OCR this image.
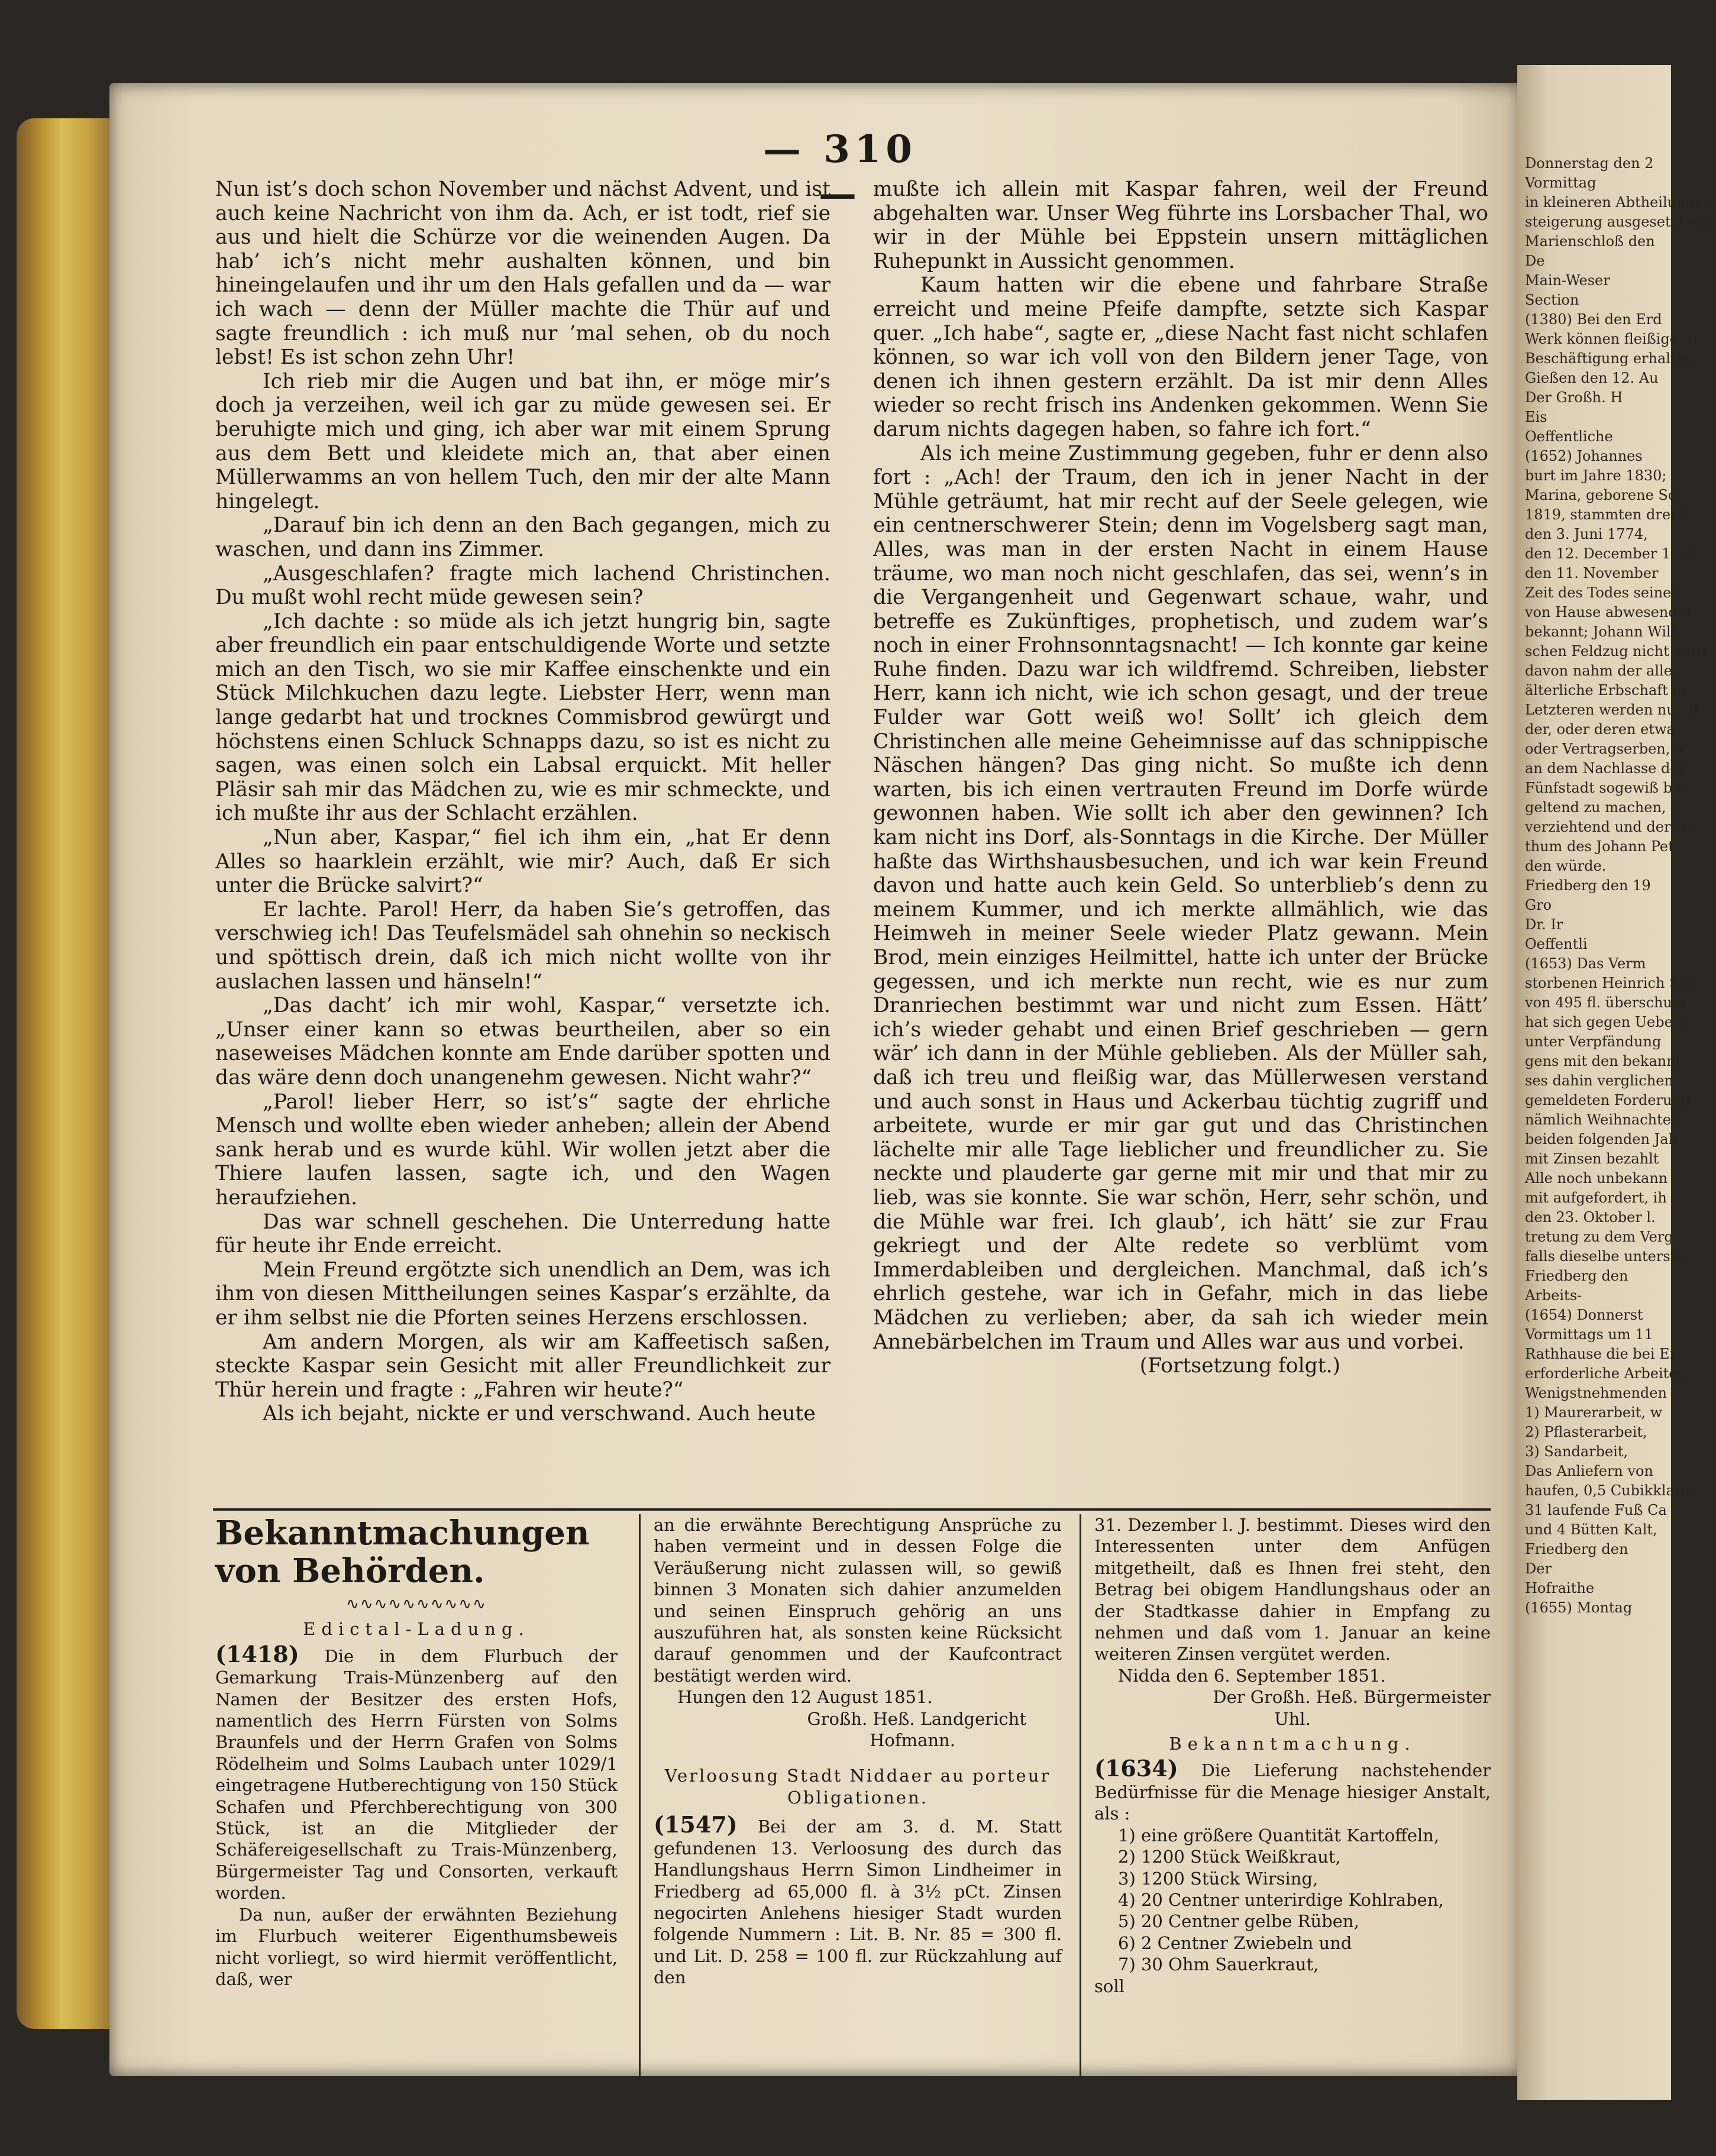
— 310 —

Nun ist’s doch schon November und nächst Advent, und ist auch keine Nachricht von ihm da. Ach, er ist todt, rief sie aus und hielt die Schürze vor die weinenden Augen. Da hab’ ich’s nicht mehr aushalten können, und bin hineingelaufen und ihr um den Hals gefallen und da — war ich wach — denn der Müller machte die Thür auf und sagte freundlich : ich muß nur ’mal sehen, ob du noch lebst! Es ist schon zehn Uhr!

Ich rieb mir die Augen und bat ihn, er möge mir’s doch ja verzeihen, weil ich gar zu müde gewesen sei. Er beruhigte mich und ging, ich aber war mit einem Sprung aus dem Bett und kleidete mich an, that aber einen Müllerwamms an von hellem Tuch, den mir der alte Mann hingelegt.

„Darauf bin ich denn an den Bach gegangen, mich zu waschen, und dann ins Zimmer.

„Ausgeschlafen? fragte mich lachend Christinchen. Du mußt wohl recht müde gewesen sein?

„Ich dachte : so müde als ich jetzt hungrig bin, sagte aber freundlich ein paar entschuldigende Worte und setzte mich an den Tisch, wo sie mir Kaffee einschenkte und ein Stück Milchkuchen dazu legte. Liebster Herr, wenn man lange gedarbt hat und trocknes Commisbrod gewürgt und höchstens einen Schluck Schnapps dazu, so ist es nicht zu sagen, was einen solch ein Labsal erquickt. Mit heller Pläsir sah mir das Mädchen zu, wie es mir schmeckte, und ich mußte ihr aus der Schlacht erzählen.

„Nun aber, Kaspar,“ fiel ich ihm ein, „hat Er denn Alles so haarklein erzählt, wie mir? Auch, daß Er sich unter die Brücke salvirt?“

Er lachte. Parol! Herr, da haben Sie’s getroffen, das verschwieg ich! Das Teufelsmädel sah ohnehin so neckisch und spöttisch drein, daß ich mich nicht wollte von ihr auslachen lassen und hänseln!“

„Das dacht’ ich mir wohl, Kaspar,“ versetzte ich. „Unser einer kann so etwas beurtheilen, aber so ein naseweises Mädchen konnte am Ende darüber spotten und das wäre denn doch unangenehm gewesen. Nicht wahr?“

„Parol! lieber Herr, so ist’s“ sagte der ehrliche Mensch und wollte eben wieder anheben; allein der Abend sank herab und es wurde kühl. Wir wollen jetzt aber die Thiere laufen lassen, sagte ich, und den Wagen heraufziehen.

Das war schnell geschehen. Die Unterredung hatte für heute ihr Ende erreicht.

Mein Freund ergötzte sich unendlich an Dem, was ich ihm von diesen Mittheilungen seines Kaspar’s erzählte, da er ihm selbst nie die Pforten seines Herzens erschlossen.

Am andern Morgen, als wir am Kaffeetisch saßen, steckte Kaspar sein Gesicht mit aller Freundlichkeit zur Thür herein und fragte : „Fahren wir heute?“

Als ich bejaht, nickte er und verschwand. Auch heute

mußte ich allein mit Kaspar fahren, weil der Freund abgehalten war. Unser Weg führte ins Lorsbacher Thal, wo wir in der Mühle bei Eppstein unsern mittäglichen Ruhepunkt in Aussicht genommen.

Kaum hatten wir die ebene und fahrbare Straße erreicht und meine Pfeife dampfte, setzte sich Kaspar quer. „Ich habe“, sagte er, „diese Nacht fast nicht schlafen können, so war ich voll von den Bildern jener Tage, von denen ich ihnen gestern erzählt. Da ist mir denn Alles wieder so recht frisch ins Andenken gekommen. Wenn Sie darum nichts dagegen haben, so fahre ich fort.“

Als ich meine Zustimmung gegeben, fuhr er denn also fort : „Ach! der Traum, den ich in jener Nacht in der Mühle geträumt, hat mir recht auf der Seele gelegen, wie ein centnerschwerer Stein; denn im Vogelsberg sagt man, Alles, was man in der ersten Nacht in einem Hause träume, wo man noch nicht geschlafen, das sei, wenn’s in die Vergangenheit und Gegenwart schaue, wahr, und betreffe es Zukünftiges, prophetisch, und zudem war’s noch in einer Frohnsonntagsnacht! — Ich konnte gar keine Ruhe finden. Dazu war ich wildfremd. Schreiben, liebster Herr, kann ich nicht, wie ich schon gesagt, und der treue Fulder war Gott weiß wo! Sollt’ ich gleich dem Christinchen alle meine Geheimnisse auf das schnippische Näschen hängen? Das ging nicht. So mußte ich denn warten, bis ich einen vertrauten Freund im Dorfe würde gewonnen haben. Wie sollt ich aber den gewinnen? Ich kam nicht ins Dorf, als-Sonntags in die Kirche. Der Müller haßte das Wirthshausbesuchen, und ich war kein Freund davon und hatte auch kein Geld. So unterblieb’s denn zu meinem Kummer, und ich merkte allmählich, wie das Heimweh in meiner Seele wieder Platz gewann. Mein Brod, mein einziges Heilmittel, hatte ich unter der Brücke gegessen, und ich merkte nun recht, wie es nur zum Dranriechen bestimmt war und nicht zum Essen. Hätt’ ich’s wieder gehabt und einen Brief geschrieben — gern wär’ ich dann in der Mühle geblieben. Als der Müller sah, daß ich treu und fleißig war, das Müllerwesen verstand und auch sonst in Haus und Ackerbau tüchtig zugriff und arbeitete, wurde er mir gar gut und das Christinchen lächelte mir alle Tage lieblicher und freundlicher zu. Sie neckte und plauderte gar gerne mit mir und that mir zu lieb, was sie konnte. Sie war schön, Herr, sehr schön, und die Mühle war frei. Ich glaub’, ich hätt’ sie zur Frau gekriegt und der Alte redete so verblümt vom Immerdableiben und dergleichen. Manchmal, daß ich’s ehrlich gestehe, war ich in Gefahr, mich in das liebe Mädchen zu verlieben; aber, da sah ich wieder mein Annebärbelchen im Traum und Alles war aus und vorbei.

(Fortsetzung folgt.)

Bekanntmachungen von Behörden.
∿∿∿∿∿∿∿∿∿∿
Edictal-Ladung.

(1418) Die in dem Flurbuch der Gemarkung Trais-Münzenberg auf den Namen der Besitzer des ersten Hofs, namentlich des Herrn Fürsten von Solms Braunfels und der Herrn Grafen von Solms Rödelheim und Solms Laubach unter 1029/1 eingetragene Hutberechtigung von 150 Stück Schafen und Pferchberechtigung von 300 Stück, ist an die Mitglieder der Schäfereigesellschaft zu Trais-Münzenberg, Bürgermeister Tag und Consorten, verkauft worden.

Da nun, außer der erwähnten Beziehung im Flurbuch weiterer Eigenthumsbeweis nicht vorliegt, so wird hiermit veröffentlicht, daß, wer

an die erwähnte Berechtigung Ansprüche zu haben vermeint und in dessen Folge die Veräußerung nicht zulassen will, so gewiß binnen 3 Monaten sich dahier anzumelden und seinen Einspruch gehörig an uns auszuführen hat, als sonsten keine Rücksicht darauf genommen und der Kaufcontract bestätigt werden wird.

Hungen den 12 August 1851.

Großh. Heß. Landgericht

Hofmann.

Verloosung Stadt Niddaer au porteur Obligationen.

(1547) Bei der am 3. d. M. Statt gefundenen 13. Verloosung des durch das Handlungshaus Herrn Simon Lindheimer in Friedberg ad 65,000 fl. à 3½ pCt. Zinsen negocirten Anlehens hiesiger Stadt wurden folgende Nummern : Lit. B. Nr. 85 = 300 fl. und Lit. D. 258 = 100 fl. zur Rückzahlung auf den

31. Dezember l. J. bestimmt. Dieses wird den Interessenten unter dem Anfügen mitgetheilt, daß es Ihnen frei steht, den Betrag bei obigem Handlungshaus oder an der Stadtkasse dahier in Empfang zu nehmen und daß vom 1. Januar an keine weiteren Zinsen vergütet werden.

Nidda den 6. September 1851.

Der Großh. Heß. Bürgermeister

Uhl.

Bekanntmachung.

(1634) Die Lieferung nachstehender Bedürfnisse für die Menage hiesiger Anstalt, als :

1) eine größere Quantität Kartoffeln,

2) 1200 Stück Weißkraut,

3) 1200 Stück Wirsing,

4) 20 Centner unterirdige Kohlraben,

5) 20 Centner gelbe Rüben,

6) 2 Centner Zwiebeln und

7) 30 Ohm Sauerkraut,

soll

Donnerstag den 2
Vormittag
in kleineren Abtheilungen
steigerung ausgesetzt wer
Marienschloß den
De
Main-Weser
Section
(1380) Bei den Erd
Werk können fleißige Ar
Beschäftigung erhalten.
Gießen den 12. Au
Der Großh. H
Eis
Oeffentliche
(1652) Johannes
burt im Jahre 1830;
Marina, geborene Sch
1819, stammten drei S
den 3. Juni 1774,
den 12. December 1776
den 11. November
Zeit des Todes seiner
von Hause abwesend u
bekannt; Johann Wilh
schen Feldzug nicht zurü
davon nahm der allein
älterliche Erbschaft in
Letzteren werden nun d
der, oder deren etwa
oder Vertragserben, a
an dem Nachlasse des
Fünfstadt sogewiß bin
geltend zu machen, w
verziehtend und der Na
thum des Johann Pet
den würde.
Friedberg den 19
Gro
Dr. Ir
Oeffentli
(1653) Das Verm
storbenen Heinrich Sch
von 495 fl. überschuld
hat sich gegen Uebern
unter Verpfändung
gens mit den bekannt
ses dahin verglichen,
gemeldeten Forderung
nämlich Weihnachten
beiden folgenden Jah
mit Zinsen bezahlt
Alle noch unbekann
mit aufgefordert, ih
den 23. Oktober l.
tretung zu dem Verg
falls dieselbe unterste
Friedberg den
Arbeits-
(1654) Donnerst
Vormittags um 11
Rathhause die bei Er
erforderliche Arbeiten
Wenigstnehmenden v
1) Maurerarbeit, w
2) Pflasterarbeit,
3) Sandarbeit,
Das Anliefern von
haufen, 0,5 Cubikklafte
31 laufende Fuß Ca
und 4 Bütten Kalt,
Friedberg den
Der
Hofraithe
(1655) Montag
